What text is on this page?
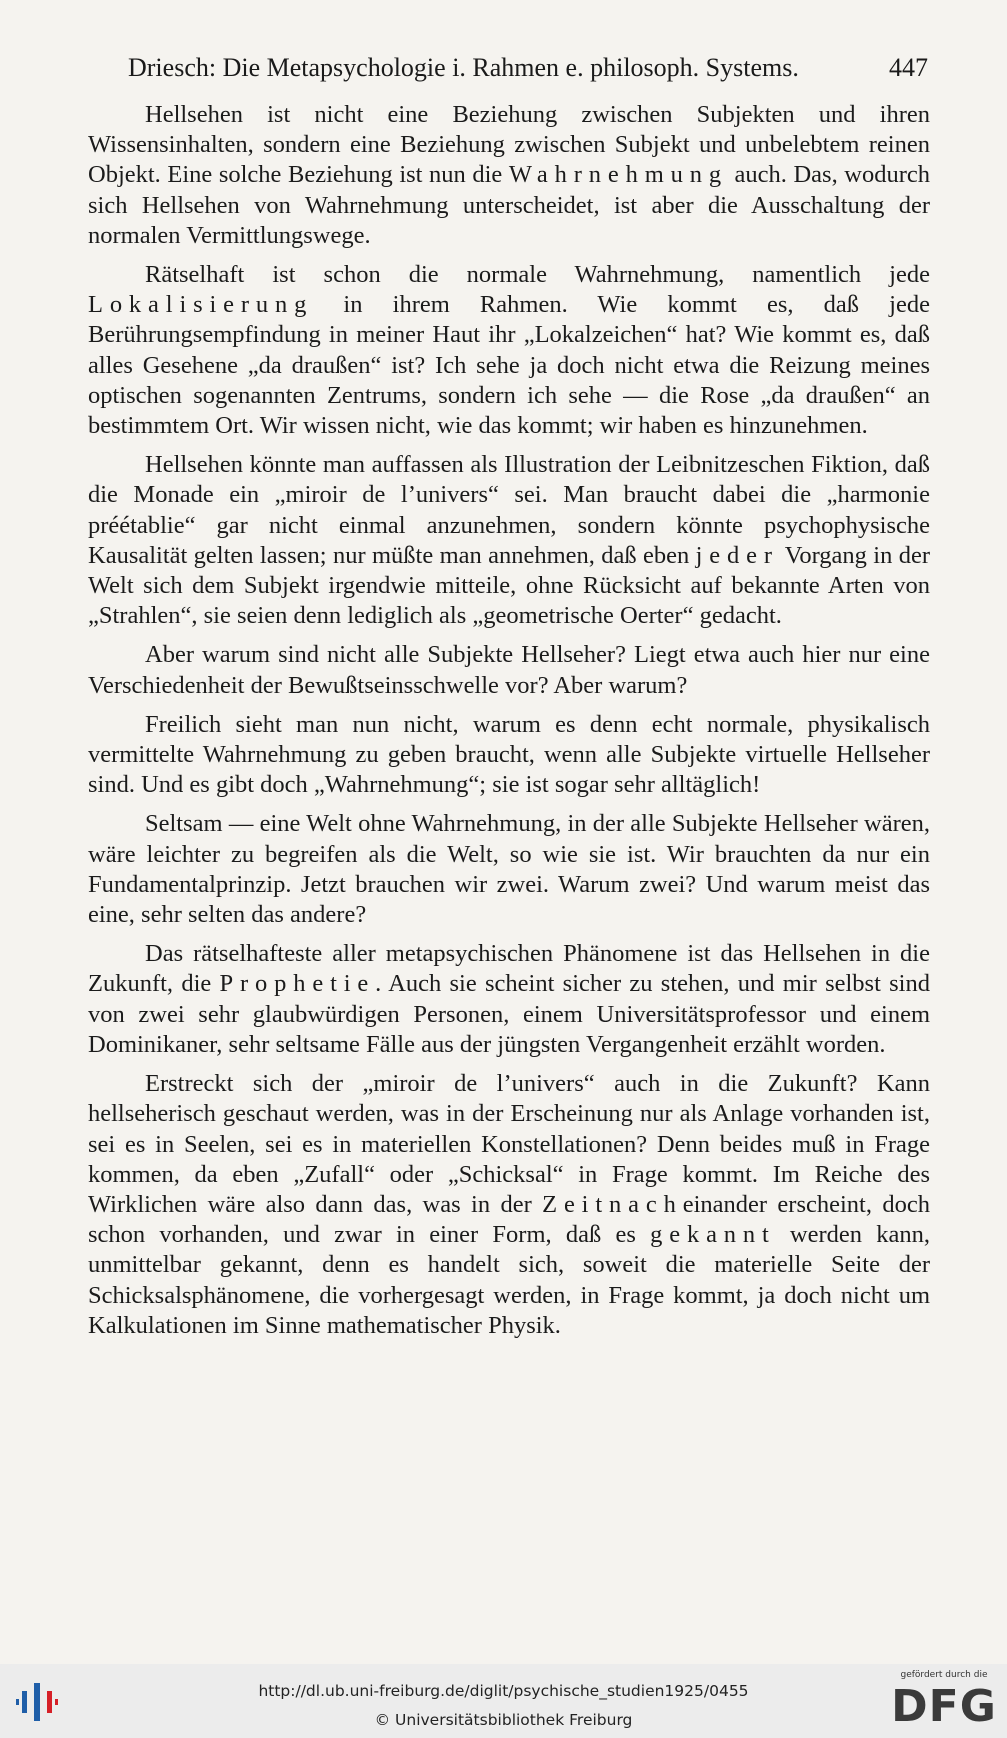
Driesch: Die Metapsychologie i. Rahmen e. philosoph. Systems.	447

Hellsehen ist nicht eine Beziehung zwischen Subjekten und ihren Wissensinhalten, sondern eine Beziehung zwischen Subjekt und unbelebtem reinen Objekt. Eine solche Beziehung ist nun die Wahrnehmung auch. Das, wodurch sich Hellsehen von Wahrnehmung unterscheidet, ist aber die Ausschaltung der normalen Vermittlungswege.

Rätselhaft ist schon die normale Wahrnehmung, namentlich jede Lokalisierung in ihrem Rahmen. Wie kommt es, daß jede Berührungsempfindung in meiner Haut ihr „Lokalzeichen“ hat? Wie kommt es, daß alles Gesehene „da draußen“ ist? Ich sehe ja doch nicht etwa die Reizung meines optischen sogenannten Zentrums, sondern ich sehe — die Rose „da draußen“ an bestimmtem Ort. Wir wissen nicht, wie das kommt; wir haben es hinzunehmen.

Hellsehen könnte man auffassen als Illustration der Leibnitzeschen Fiktion, daß die Monade ein „miroir de l’univers“ sei. Man braucht dabei die „harmonie préétablie“ gar nicht einmal anzunehmen, sondern könnte psychophysische Kausalität gelten lassen; nur müßte man annehmen, daß eben jeder Vorgang in der Welt sich dem Subjekt irgendwie mitteile, ohne Rücksicht auf bekannte Arten von „Strahlen“, sie seien denn lediglich als „geometrische Oerter“ gedacht.

Aber warum sind nicht alle Subjekte Hellseher? Liegt etwa auch hier nur eine Verschiedenheit der Bewußtseinsschwelle vor? Aber warum?

Freilich sieht man nun nicht, warum es denn echt normale, physikalisch vermittelte Wahrnehmung zu geben braucht, wenn alle Subjekte virtuelle Hellseher sind. Und es gibt doch „Wahrnehmung“; sie ist sogar sehr alltäglich!

Seltsam — eine Welt ohne Wahrnehmung, in der alle Subjekte Hellseher wären, wäre leichter zu begreifen als die Welt, so wie sie ist. Wir brauchten da nur ein Fundamentalprinzip. Jetzt brauchen wir zwei. Warum zwei? Und warum meist das eine, sehr selten das andere?

Das rätselhafteste aller metapsychischen Phänomene ist das Hellsehen in die Zukunft, die Prophetie. Auch sie scheint sicher zu stehen, und mir selbst sind von zwei sehr glaubwürdigen Personen, einem Universitätsprofessor und einem Dominikaner, sehr seltsame Fälle aus der jüngsten Vergangenheit erzählt worden.

Erstreckt sich der „miroir de l’univers“ auch in die Zukunft? Kann hellseherisch geschaut werden, was in der Erscheinung nur als Anlage vorhanden ist, sei es in Seelen, sei es in materiellen Konstellationen? Denn beides muß in Frage kommen, da eben „Zufall“ oder „Schicksal“ in Frage kommt. Im Reiche des Wirklichen wäre also dann das, was in der Zeitnacheinander erscheint, doch schon vorhanden, und zwar in einer Form, daß es gekannt werden kann, unmittelbar gekannt, denn es handelt sich, soweit die materielle Seite der Schicksalsphänomene, die vorhergesagt werden, in Frage kommt, ja doch nicht um Kalkulationen im Sinne mathematischer Physik.

http://dl.ub.uni-freiburg.de/diglit/psychische_studien1925/0455
© Universitätsbibliothek Freiburg
gefördert durch die
DFG
